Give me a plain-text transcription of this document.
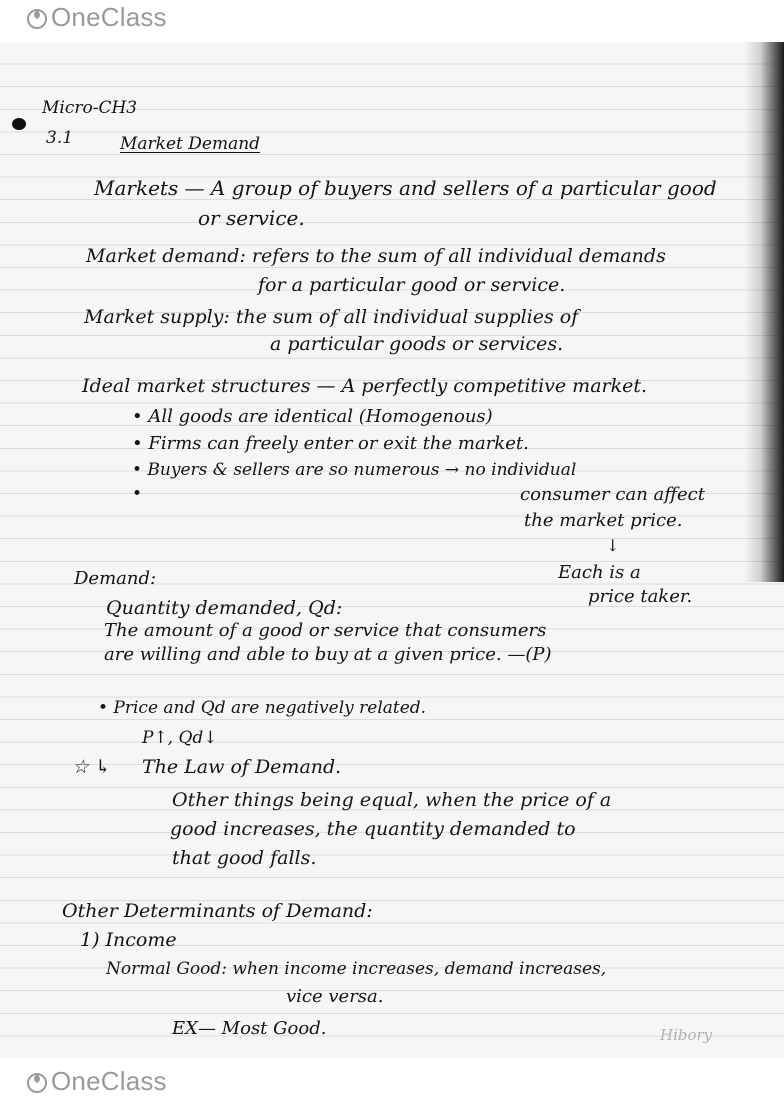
OneClass
Micro-CH3
3.1	Market Demand
Markets — A group of buyers and sellers of a particular good
or service.
Market demand: refers to the sum of all individual demands
for a particular good or service.
Market supply: the sum of all individual supplies of
a particular goods or services.
Ideal market structures — A perfectly competitive market.
• All goods are identical (Homogenous)
• Firms can freely enter or exit the market.
• Buyers & sellers are so numerous → no individual
•	consumer can affect
the market price.
↓
Each is a
price taker.
Demand:
Quantity demanded, Qd:
The amount of a good or service that consumers
are willing and able to buy at a given price. —(P)
• Price and Qd are negatively related.
P↑, Qd↓
☆ ↳ The Law of Demand.
Other things being equal, when the price of a
good increases, the quantity demanded to
that good falls.
Other Determinants of Demand:
1) Income
Normal Good: when income increases, demand increases,
vice versa.
EX— Most Good.	Hibory
OneClass
